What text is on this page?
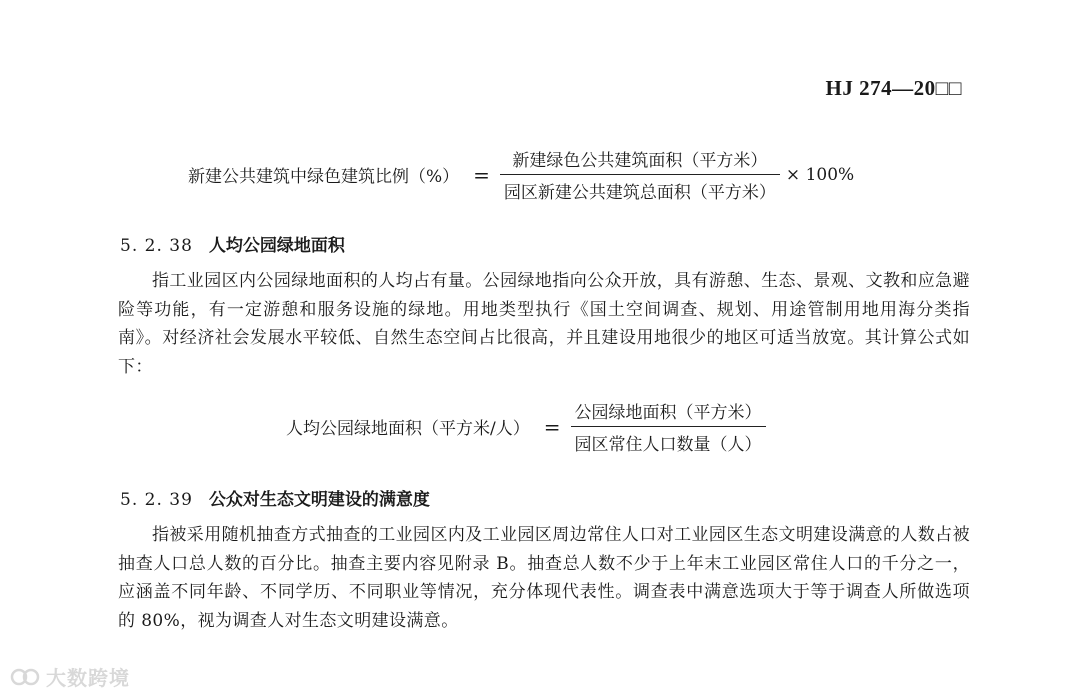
HJ 274—20□□
新建公共建筑中绿色建筑比例（%） = $\frac{\text{新建绿色公共建筑面积（平方米）}}{\text{园区新建公共建筑总面积（平方米）}} \times 100\%$
5. 2. 38 人均公园绿地面积

指工业园区内公园绿地面积的人均占有量。公园绿地指向公众开放，具有游憩、生态、景观、文教和应急避险等功能，有一定游憩和服务设施的绿地。用地类型执行《国土空间调查、规划、用途管制用地用海分类指南》。对经济社会发展水平较低、自然生态空间占比很高，并且建设用地很少的地区可适当放宽。其计算公式如下：

人均公园绿地面积（平方米/人） = $\frac{\text{公园绿地面积（平方米）}}{\text{园区常住人口数量（人）}}$
5. 2. 39 公众对生态文明建设的满意度

指被采用随机抽查方式抽查的工业园区内及工业园区周边常住人口对工业园区生态文明建设满意的人数占被抽查人口总人数的百分比。抽查主要内容见附录 B。抽查总人数不少于上年末工业园区常住人口的千分之一，应涵盖不同年龄、不同学历、不同职业等情况，充分体现代表性。调查表中满意选项大于等于调查人所做选项的 80%，视为调查人对生态文明建设满意。

大数跨境
